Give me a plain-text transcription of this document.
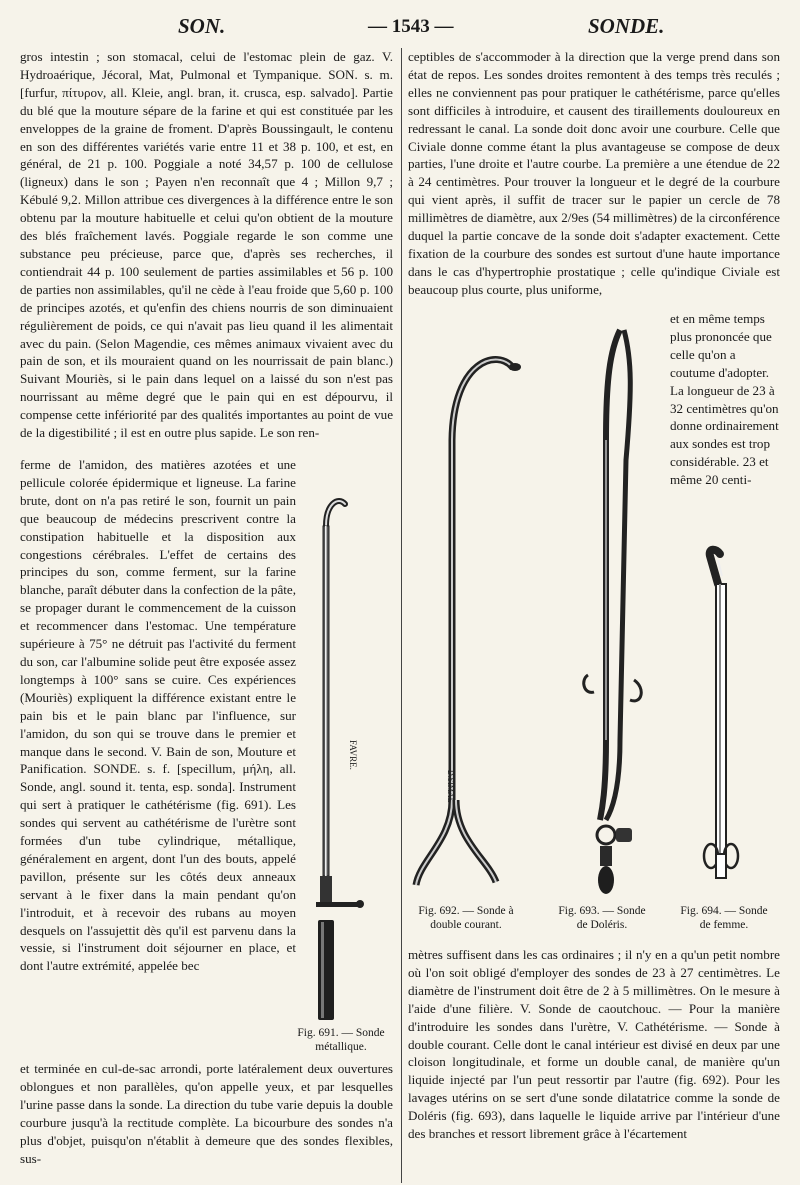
SON.	— 1543 —	SONDE.

gros intestin ; son stomacal, celui de l'estomac plein de gaz. V. Hydroaérique, Jécoral, Mat, Pulmonal et Tympanique. SON. s. m. [furfur, πίτυρον, all. Kleie, angl. bran, it. crusca, esp. salvado]. Partie du blé que la mouture sépare de la farine et qui est constituée par les enveloppes de la graine de froment. D'après Boussingault, le contenu en son des différentes variétés varie entre 11 et 38 p. 100, et est, en général, de 21 p. 100. Poggiale a noté 34,57 p. 100 de cellulose (ligneux) dans le son ; Payen n'en reconnaît que 4 ; Millon 9,7 ; Kébulé 9,2. Millon attribue ces divergences à la différence entre le son obtenu par la mouture habituelle et celui qu'on obtient de la mouture des blés fraîchement lavés. Poggiale regarde le son comme une substance peu précieuse, parce que, d'après ses recherches, il contiendrait 44 p. 100 seulement de parties assimilables et 56 p. 100 de parties non assimilables, qu'il ne cède à l'eau froide que 5,60 p. 100 de principes azotés, et qu'enfin des chiens nourris de son diminuaient régulièrement de poids, ce qui n'avait pas lieu quand il les alimentait avec du pain. (Selon Magendie, ces mêmes animaux vivaient avec du pain de son, et ils mouraient quand on les nourrissait de pain blanc.) Suivant Mouriès, si le pain dans lequel on a laissé du son n'est pas nourrissant au même degré que le pain qui en est dépourvu, il compense cette infériorité par des qualités importantes au point de vue de la digestibilité ; il est en outre plus sapide. Le son ren-

ferme de l'amidon, des matières azotées et une pellicule colorée épidermique et ligneuse. La farine brute, dont on n'a pas retiré le son, fournit un pain que beaucoup de médecins prescrivent contre la constipation habituelle et la disposition aux congestions cérébrales. L'effet de certains des principes du son, comme ferment, sur la farine blanche, paraît débuter dans la confection de la pâte, se propager durant le commencement de la cuisson et recommencer dans l'estomac. Une température supérieure à 75° ne détruit pas l'activité du ferment du son, car l'albumine solide peut être exposée assez longtemps à 100° sans se cuire. Ces expériences (Mouriès) expliquent la différence existant entre le pain bis et le pain blanc par l'influence, sur l'amidon, du son qui se trouve dans le premier et manque dans le second. V. Bain de son, Mouture et Panification. SONDE. s. f. [specillum, μήλη, all. Sonde, angl. sound it. tenta, esp. sonda]. Instrument qui sert à pratiquer le cathétérisme (fig. 691). Les sondes qui servent au cathétérisme de l'urètre sont formées d'un tube cylindrique, métallique, généralement en argent, dont l'un des bouts, appelé pavillon, présente sur les côtés deux anneaux servant à le fixer dans la main pendant qu'on l'introduit, et à recevoir des rubans au moyen desquels on l'assujettit dès qu'il est parvenu dans la vessie, si l'instrument doit séjourner en place, et dont l'autre extrémité, appelée bec

et terminée en cul-de-sac arrondi, porte latéralement deux ouvertures oblongues et non parallèles, qu'on appelle yeux, et par lesquelles l'urine passe dans la sonde. La direction du tube varie depuis la double courbure jusqu'à la rectitude complète. La bicourbure des sondes n'a plus d'objet, puisqu'on n'établit à demeure que des sondes flexibles, sus-

ceptibles de s'accommoder à la direction que la verge prend dans son état de repos. Les sondes droites remontent à des temps très reculés ; elles ne conviennent pas pour pratiquer le cathétérisme, parce qu'elles sont difficiles à introduire, et causent des tiraillements douloureux en redressant le canal. La sonde doit donc avoir une courbure. Celle que Civiale donne comme étant la plus avantageuse se compose de deux parties, l'une droite et l'autre courbe. La première a une étendue de 22 à 24 centimètres. Pour trouver la longueur et le degré de la courbure qui vient après, il suffit de tracer sur le papier un cercle de 78 millimètres de diamètre, aux 2/9es (54 millimètres) de la circonférence duquel la partie concave de la sonde doit s'adapter exactement. Cette fixation de la courbure des sondes est surtout d'une haute importance dans le cas d'hypertrophie prostatique ; celle qu'indique Civiale est beaucoup plus courte, plus uniforme,

et en même temps plus prononcée que celle qu'on a coutume d'adopter. La longueur de 23 à 32 centimètres qu'on donne ordinairement aux sondes est trop considérable. 23 et même 20 centi-

mètres suffisent dans les cas ordinaires ; il n'y en a qu'un petit nombre où l'on soit obligé d'employer des sondes de 23 à 27 centimètres. Le diamètre de l'instrument doit être de 2 à 5 millimètres. On le mesure à l'aide d'une filière. V. Sonde de caoutchouc. — Pour la manière d'introduire les sondes dans l'urètre, V. Cathétérisme. — Sonde à double courant. Celle dont le canal intérieur est divisé en deux par une cloison longitudinale, et forme un double canal, de manière qu'un liquide injecté par l'un peut ressortir par l'autre (fig. 692). Pour les lavages utérins on se sert d'une sonde dilatatrice comme la sonde de Doléris (fig. 693), dans laquelle le liquide arrive par l'intérieur d'une des branches et ressort librement grâce à l'écartement

FAVRE.
Fig. 691. — Sonde
métallique.
D.SIMAL
Fig. 692. — Sonde à
double courant.
Fig. 693. — Sonde
de Doléris.
Fig. 694. — Sonde
de femme.
